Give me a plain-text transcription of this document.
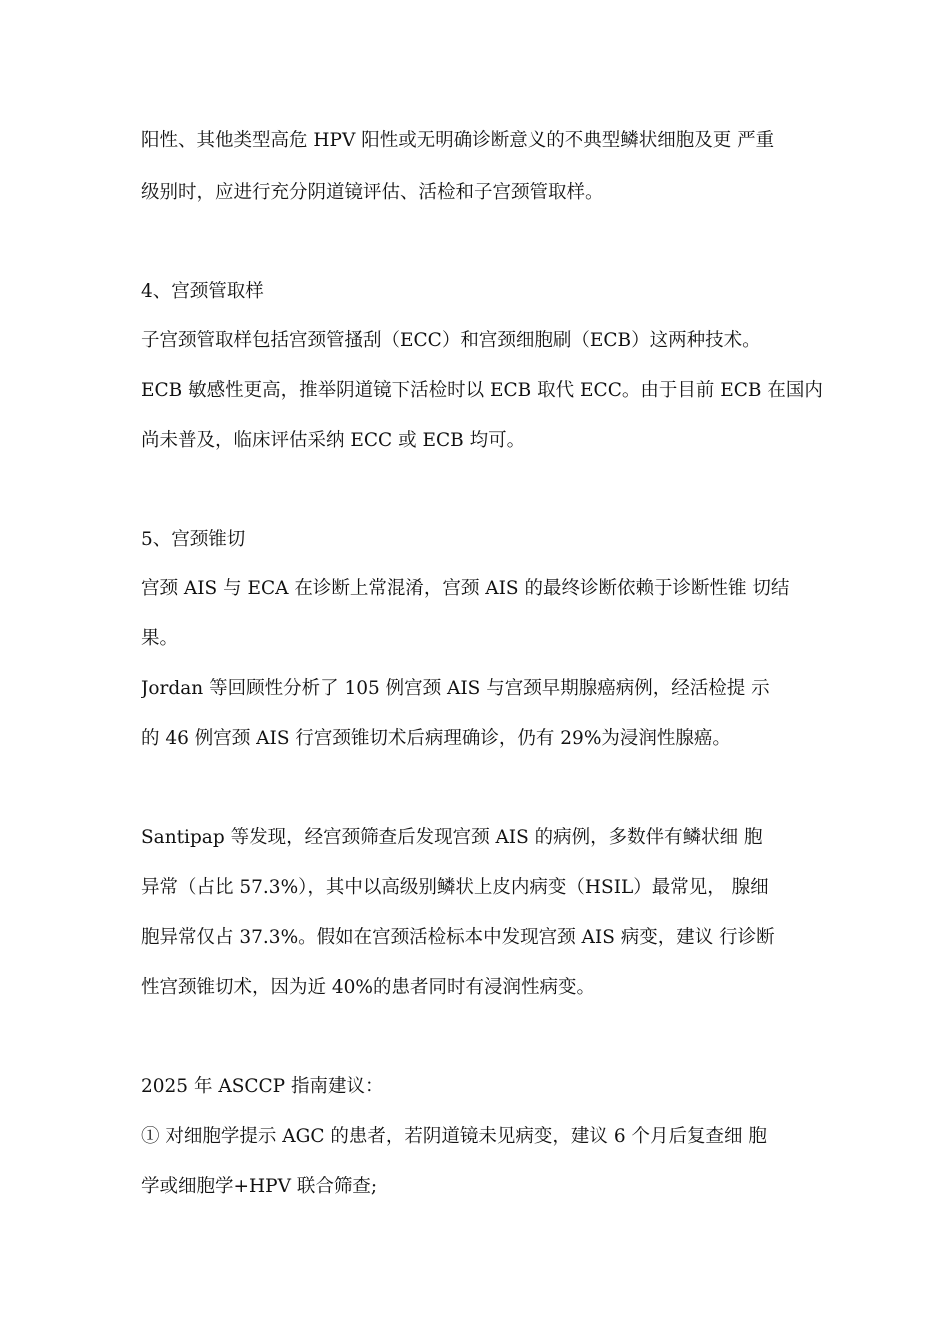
阳性、其他类型高危 HPV 阳性或无明确诊断意义的不典型鳞状细胞及更 严重
级别时，应进行充分阴道镜评估、活检和子宫颈管取样。
4、宫颈管取样
子宫颈管取样包括宫颈管搔刮（ECC）和宫颈细胞刷（ECB）这两种技术。
ECB 敏感性更高，推举阴道镜下活检时以 ECB 取代 ECC。由于目前 ECB 在国内
尚未普及，临床评估采纳 ECC 或 ECB 均可。
5、宫颈锥切
宫颈 AIS 与 ECA 在诊断上常混淆，宫颈 AIS 的最终诊断依赖于诊断性锥 切结
果。
Jordan 等回顾性分析了 105 例宫颈 AIS 与宫颈早期腺癌病例，经活检提 示
的 46 例宫颈 AIS 行宫颈锥切术后病理确诊，仍有 29%为浸润性腺癌。
Santipap 等发现，经宫颈筛查后发现宫颈 AIS 的病例，多数伴有鳞状细 胞
异常（占比 57.3%），其中以高级别鳞状上皮内病变（HSIL）最常见， 腺细
胞异常仅占 37.3%。假如在宫颈活检标本中发现宫颈 AIS 病变，建议 行诊断
性宫颈锥切术，因为近 40%的患者同时有浸润性病变。
2025 年 ASCCP 指南建议：
① 对细胞学提示 AGC 的患者，若阴道镜未见病变，建议 6 个月后复查细 胞
学或细胞学+HPV 联合筛查;
